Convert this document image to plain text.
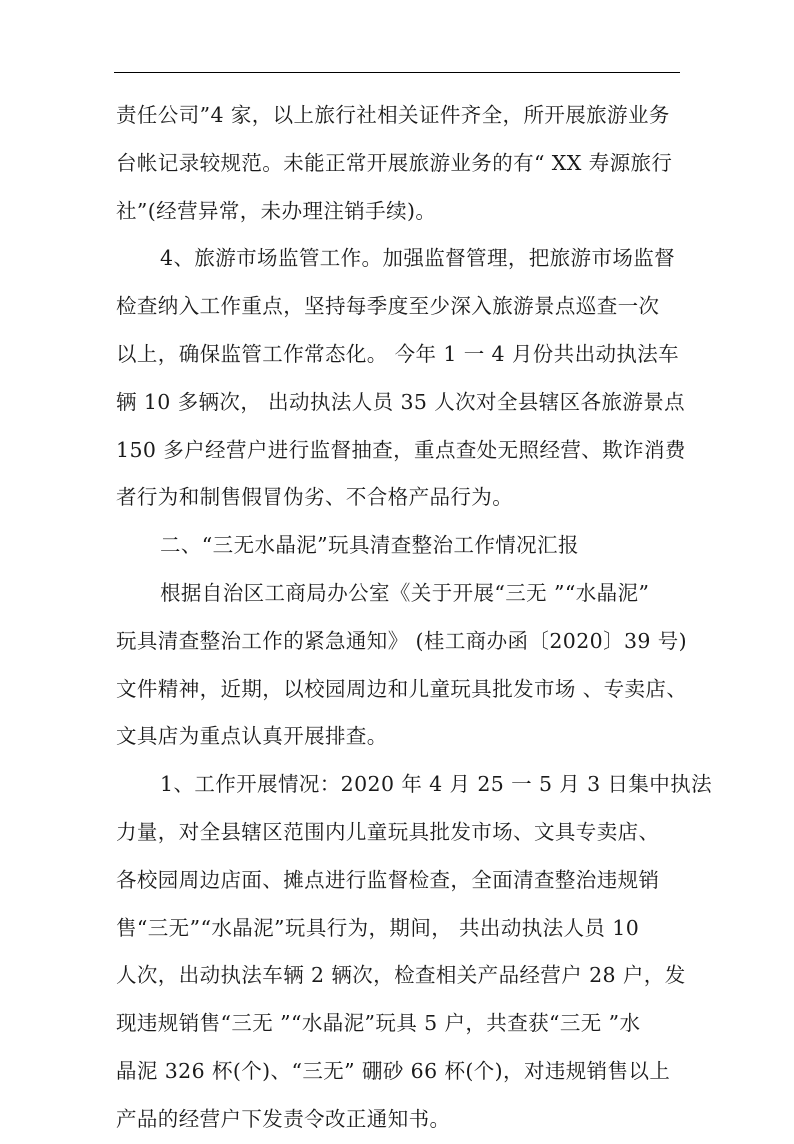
责任公司”4 家，以上旅行社相关证件齐全，所开展旅游业务
台帐记录较规范。未能正常开展旅游业务的有“ XX 寿源旅行
社”(经营异常，未办理注销手续)。
4、旅游市场监管工作。加强监督管理，把旅游市场监督
检查纳入工作重点，坚持每季度至少深入旅游景点巡查一次
以上，确保监管工作常态化。 今年 1 一 4 月份共出动执法车
辆 10 多辆次， 出动执法人员 35 人次对全县辖区各旅游景点
150 多户经营户进行监督抽查，重点查处无照经营、欺诈消费
者行为和制售假冒伪劣、不合格产品行为。
二、“三无水晶泥”玩具清查整治工作情况汇报
根据自治区工商局办公室《关于开展“三无 ”“水晶泥”
玩具清查整治工作的紧急通知》 (桂工商办函〔2020〕39 号)
文件精神，近期，以校园周边和儿童玩具批发市场 、专卖店、
文具店为重点认真开展排查。
1、工作开展情况：2020 年 4 月 25 一 5 月 3 日集中执法
力量，对全县辖区范围内儿童玩具批发市场、文具专卖店、
各校园周边店面、摊点进行监督检查，全面清查整治违规销
售“三无”“水晶泥”玩具行为，期间， 共出动执法人员 10
人次，出动执法车辆 2 辆次，检查相关产品经营户 28 户，发
现违规销售“三无 ”“水晶泥”玩具 5 户，共查获“三无 ”水
晶泥 326 杯(个)、“三无” 硼砂 66 杯(个)，对违规销售以上
产品的经营户下发责令改正通知书。
